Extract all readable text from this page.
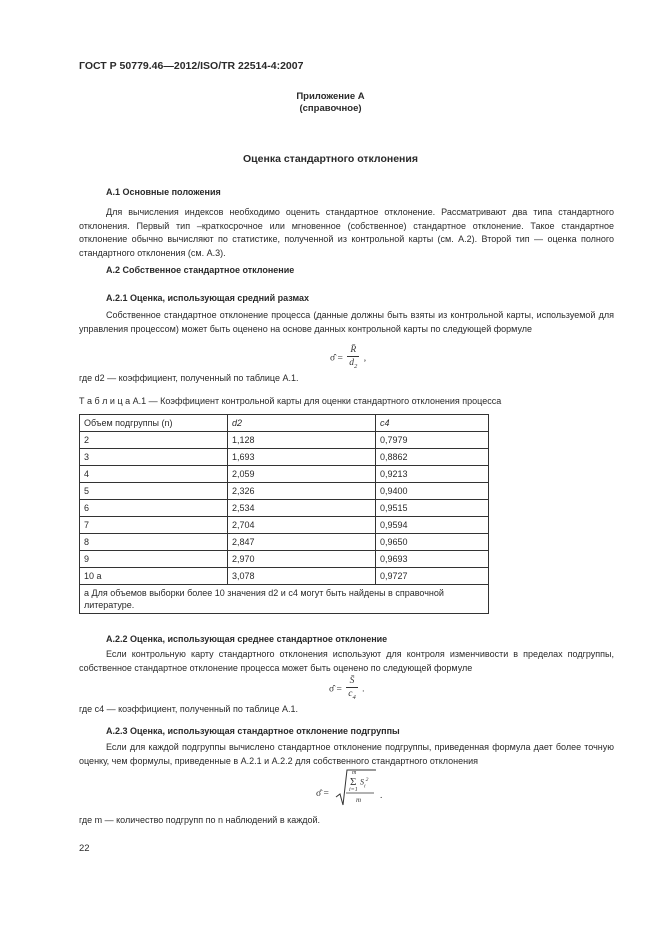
ГОСТ Р 50779.46—2012/ISO/TR 22514-4:2007
Приложение А
(справочное)
Оценка стандартного отклонения
А.1 Основные положения
Для вычисления индексов необходимо оценить стандартное отклонение. Рассматривают два типа стандартного отклонения. Первый тип –краткосрочное или мгновенное (собственное) стандартное отклонение. Такое стандартное отклонение обычно вычисляют по статистике, полученной из контрольной карты (см. А.2). Второй тип — оценка полного стандартного отклонения (см. А.3).
А.2 Собственное стандартное отклонение
А.2.1 Оценка, использующая средний размах
Собственное стандартное отклонение процесса (данные должны быть взяты из контрольной карты, используемой для управления процессом) может быть оценено на основе данных контрольной карты по следующей формуле
σ̂ = $\frac{R̄}{d_2}$ ,
где d2 — коэффициент, полученный по таблице А.1.
Т а б л и ц а А.1 — Коэффициент контрольной карты для оценки стандартного отклонения процесса
Объем подгруппы (n)	d2	c4
2	1,128	0,7979
3	1,693	0,8862
4	2,059	0,9213
5	2,326	0,9400
6	2,534	0,9515
7	2,704	0,9594
8	2,847	0,9650
9	2,970	0,9693
10 а	3,078	0,9727
а Для объемов выборки более 10 значения d2 и c4 могут быть найдены в справочной литературе.		
А.2.2 Оценка, использующая среднее стандартное отклонение
Если контрольную карту стандартного отклонения используют для контроля изменчивости в пределах подгруппы, собственное стандартное отклонение процесса может быть оценено по следующей формуле
σ̂ = $\frac{S̄}{c_4}$ .
где c4 — коэффициент, полученный по таблице А.1.
А.2.3 Оценка, использующая стандартное отклонение подгруппы
Если для каждой подгруппы вычислено стандартное отклонение подгруппы, приведенная формула дает более точную оценку, чем формулы, приведенные в А.2.1 и А.2.2 для собственного стандартного отклонения
σ̂ =
m
Σ $S_i^2$
i=1
m .
где m — количество подгрупп по n наблюдений в каждой.
22
